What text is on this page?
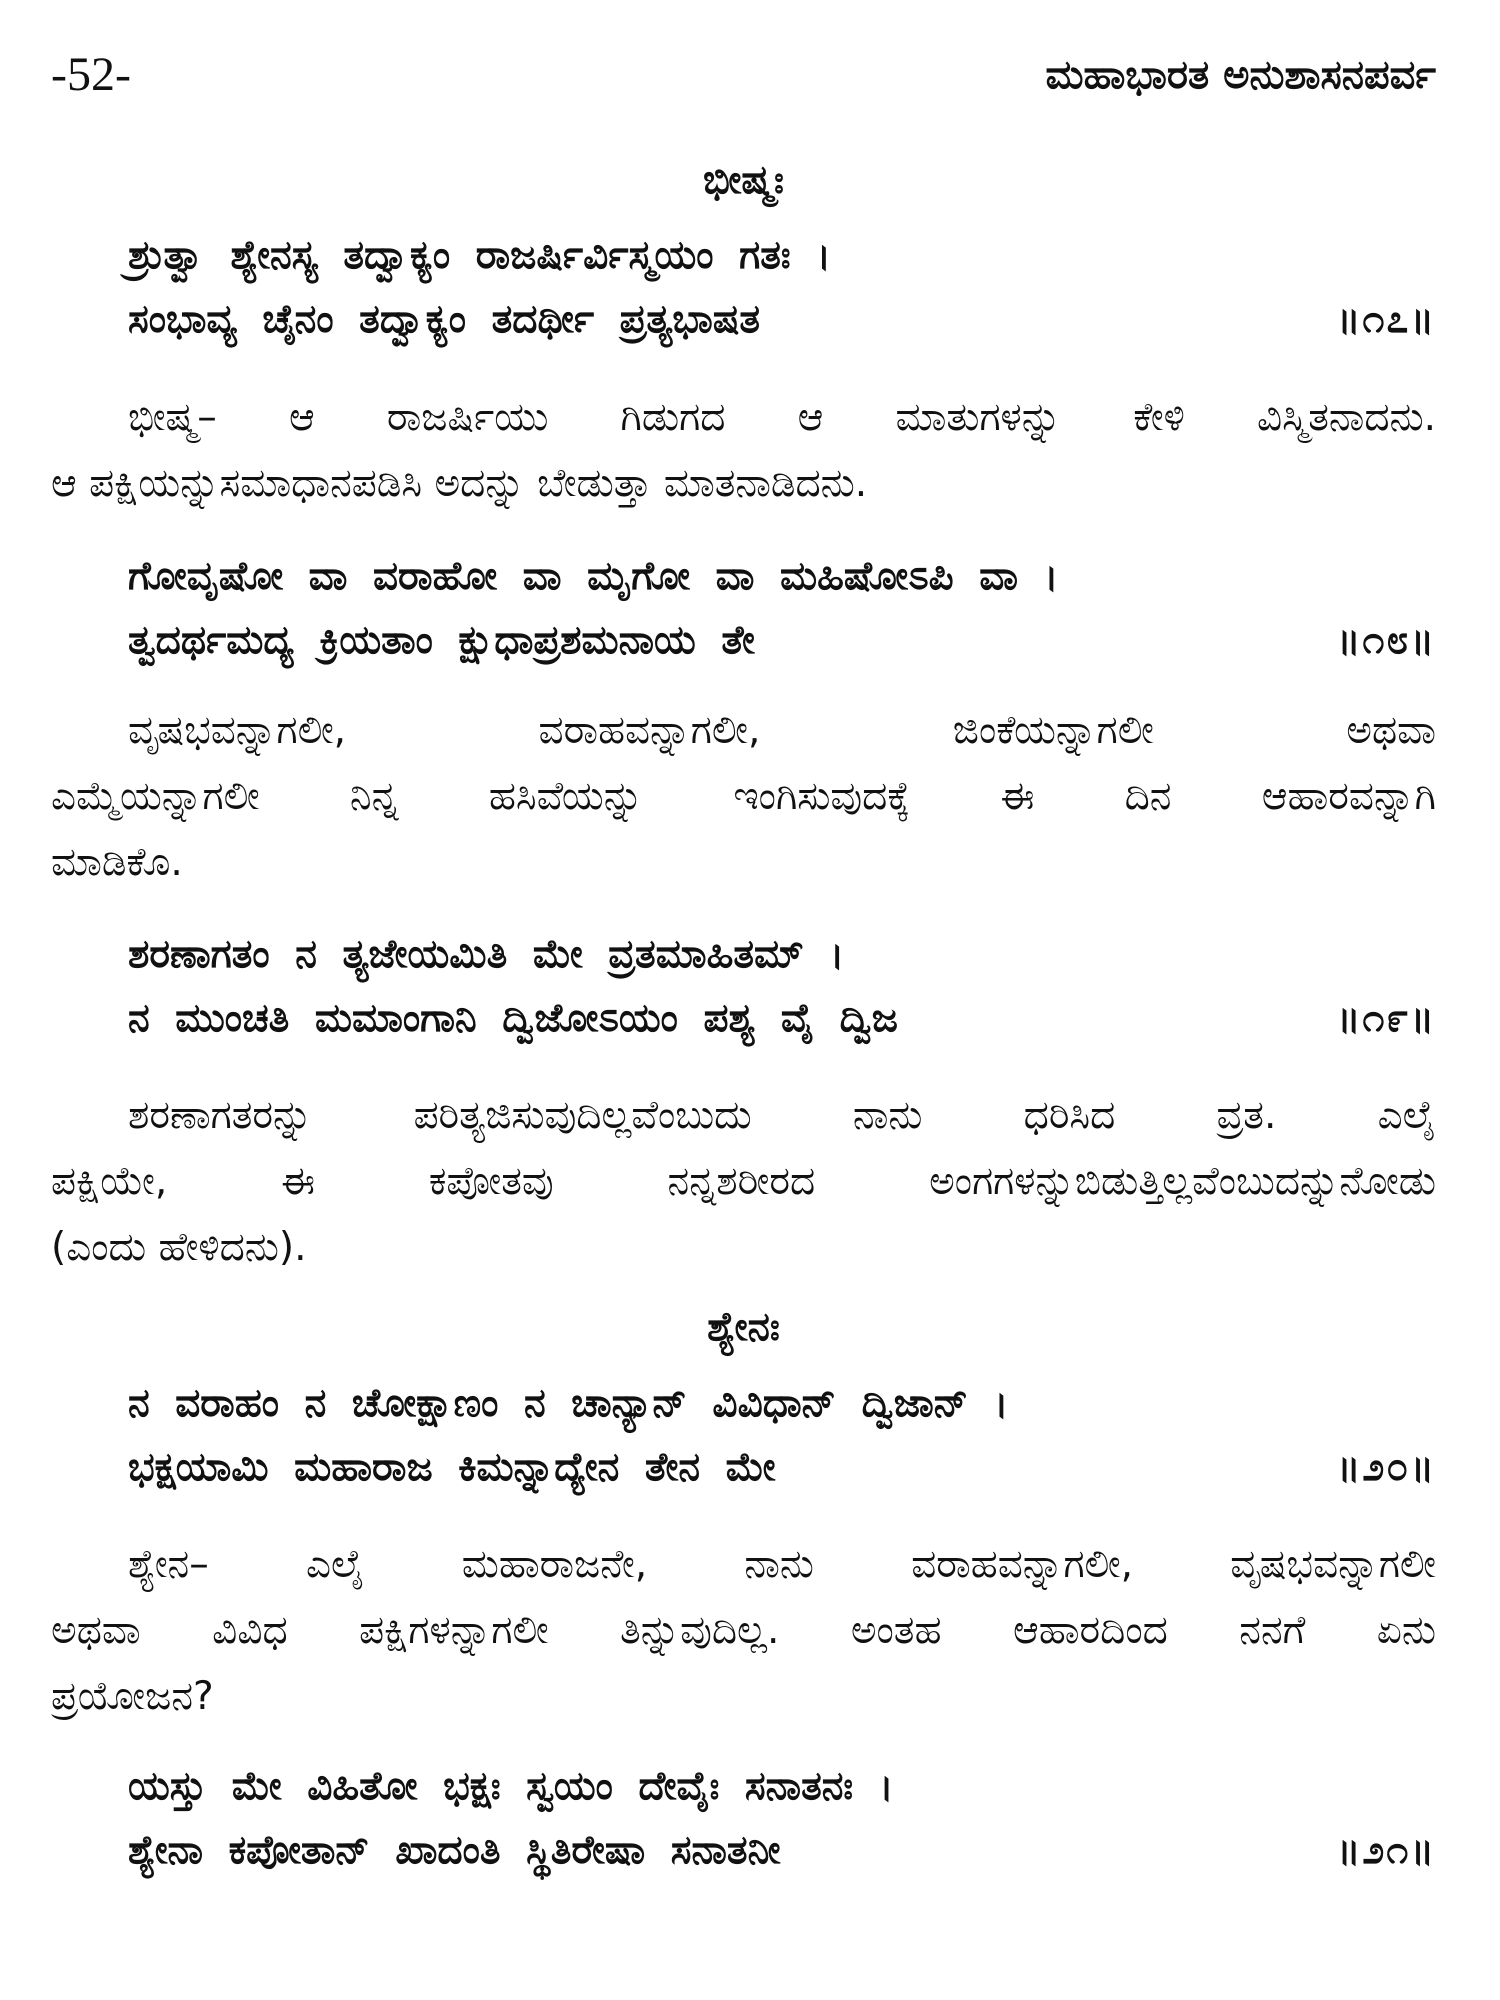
-52-	ಮಹಾಭಾರತ ಅನುಶಾಸನಪರ್ವ
ಭೀಷ್ಮಃ
ಶ್ರುತ್ವಾ ಶ್ಯೇನಸ್ಯ ತದ್ವಾಕ್ಯಂ ರಾಜರ್ಷಿರ್ವಿಸ್ಮಯಂ ಗತಃ ।
ಸಂಭಾವ್ಯ ಚೈನಂ ತದ್ವಾಕ್ಯಂ ತದರ್ಥೀ ಪ್ರತ್ಯಭಾಷತ	॥೧೭॥
ಭೀಷ್ಮ– ಆ ರಾಜರ್ಷಿಯು ಗಿಡುಗದ ಆ ಮಾತುಗಳನ್ನು ಕೇಳಿ ವಿಸ್ಮಿತನಾದನು.
ಆ ಪಕ್ಷಿಯನ್ನುಸಮಾಧಾನಪಡಿಸಿ ಅದನ್ನು ಬೇಡುತ್ತಾ ಮಾತನಾಡಿದನು.
ಗೋವೃಷೋ ವಾ ವರಾಹೋ ವಾ ಮೃಗೋ ವಾ ಮಹಿಷೋಽಪಿ ವಾ ।
ತ್ವದರ್ಥಮದ್ಯ ಕ್ರಿಯತಾಂ ಕ್ಷುಧಾಪ್ರಶಮನಾಯ ತೇ	॥೧೮॥
ವೃಷಭವನ್ನಾಗಲೀ, ವರಾಹವನ್ನಾಗಲೀ, ಜಿಂಕೆಯನ್ನಾಗಲೀ ಅಥವಾ
ಎಮ್ಮೆಯನ್ನಾಗಲೀ ನಿನ್ನ ಹಸಿವೆಯನ್ನು ಇಂಗಿಸುವುದಕ್ಕೆ ಈ ದಿನ ಆಹಾರವನ್ನಾಗಿ
ಮಾಡಿಕೊ.
ಶರಣಾಗತಂ ನ ತ್ಯಜೇಯಮಿತಿ ಮೇ ವ್ರತಮಾಹಿತಮ್ ।
ನ ಮುಂಚತಿ ಮಮಾಂಗಾನಿ ದ್ವಿಜೋಽಯಂ ಪಶ್ಯ ವೈ ದ್ವಿಜ	॥೧೯॥
ಶರಣಾಗತರನ್ನು ಪರಿತ್ಯಜಿಸುವುದಿಲ್ಲವೆಂಬುದು ನಾನು ಧರಿಸಿದ ವ್ರತ. ಎಲೈ
ಪಕ್ಷಿಯೇ, ಈ ಕಪೋತವು ನನ್ನಶರೀರದ ಅಂಗಗಳನ್ನುಬಿಡುತ್ತಿಲ್ಲವೆಂಬುದನ್ನುನೋಡು
(ಎಂದು ಹೇಳಿದನು).
ಶ್ಯೇನಃ
ನ ವರಾಹಂ ನ ಚೋಕ್ಷಾಣಂ ನ ಚಾನ್ಯಾನ್ ವಿವಿಧಾನ್ ದ್ವಿಜಾನ್ ।
ಭಕ್ಷಯಾಮಿ ಮಹಾರಾಜ ಕಿಮನ್ನಾದ್ಯೇನ ತೇನ ಮೇ	॥೨೦॥
ಶ್ಯೇನ– ಎಲೈ ಮಹಾರಾಜನೇ, ನಾನು ವರಾಹವನ್ನಾಗಲೀ, ವೃಷಭವನ್ನಾಗಲೀ
ಅಥವಾ ವಿವಿಧ ಪಕ್ಷಿಗಳನ್ನಾಗಲೀ ತಿನ್ನುವುದಿಲ್ಲ. ಅಂತಹ ಆಹಾರದಿಂದ ನನಗೆ ಏನು
ಪ್ರಯೋಜನ?
ಯಸ್ತು ಮೇ ವಿಹಿತೋ ಭಕ್ಷಃ ಸ್ವಯಂ ದೇವೈಃ ಸನಾತನಃ ।
ಶ್ಯೇನಾ ಕಪೋತಾನ್ ಖಾದಂತಿ ಸ್ಥಿತಿರೇಷಾ ಸನಾತನೀ	॥೨೧॥
